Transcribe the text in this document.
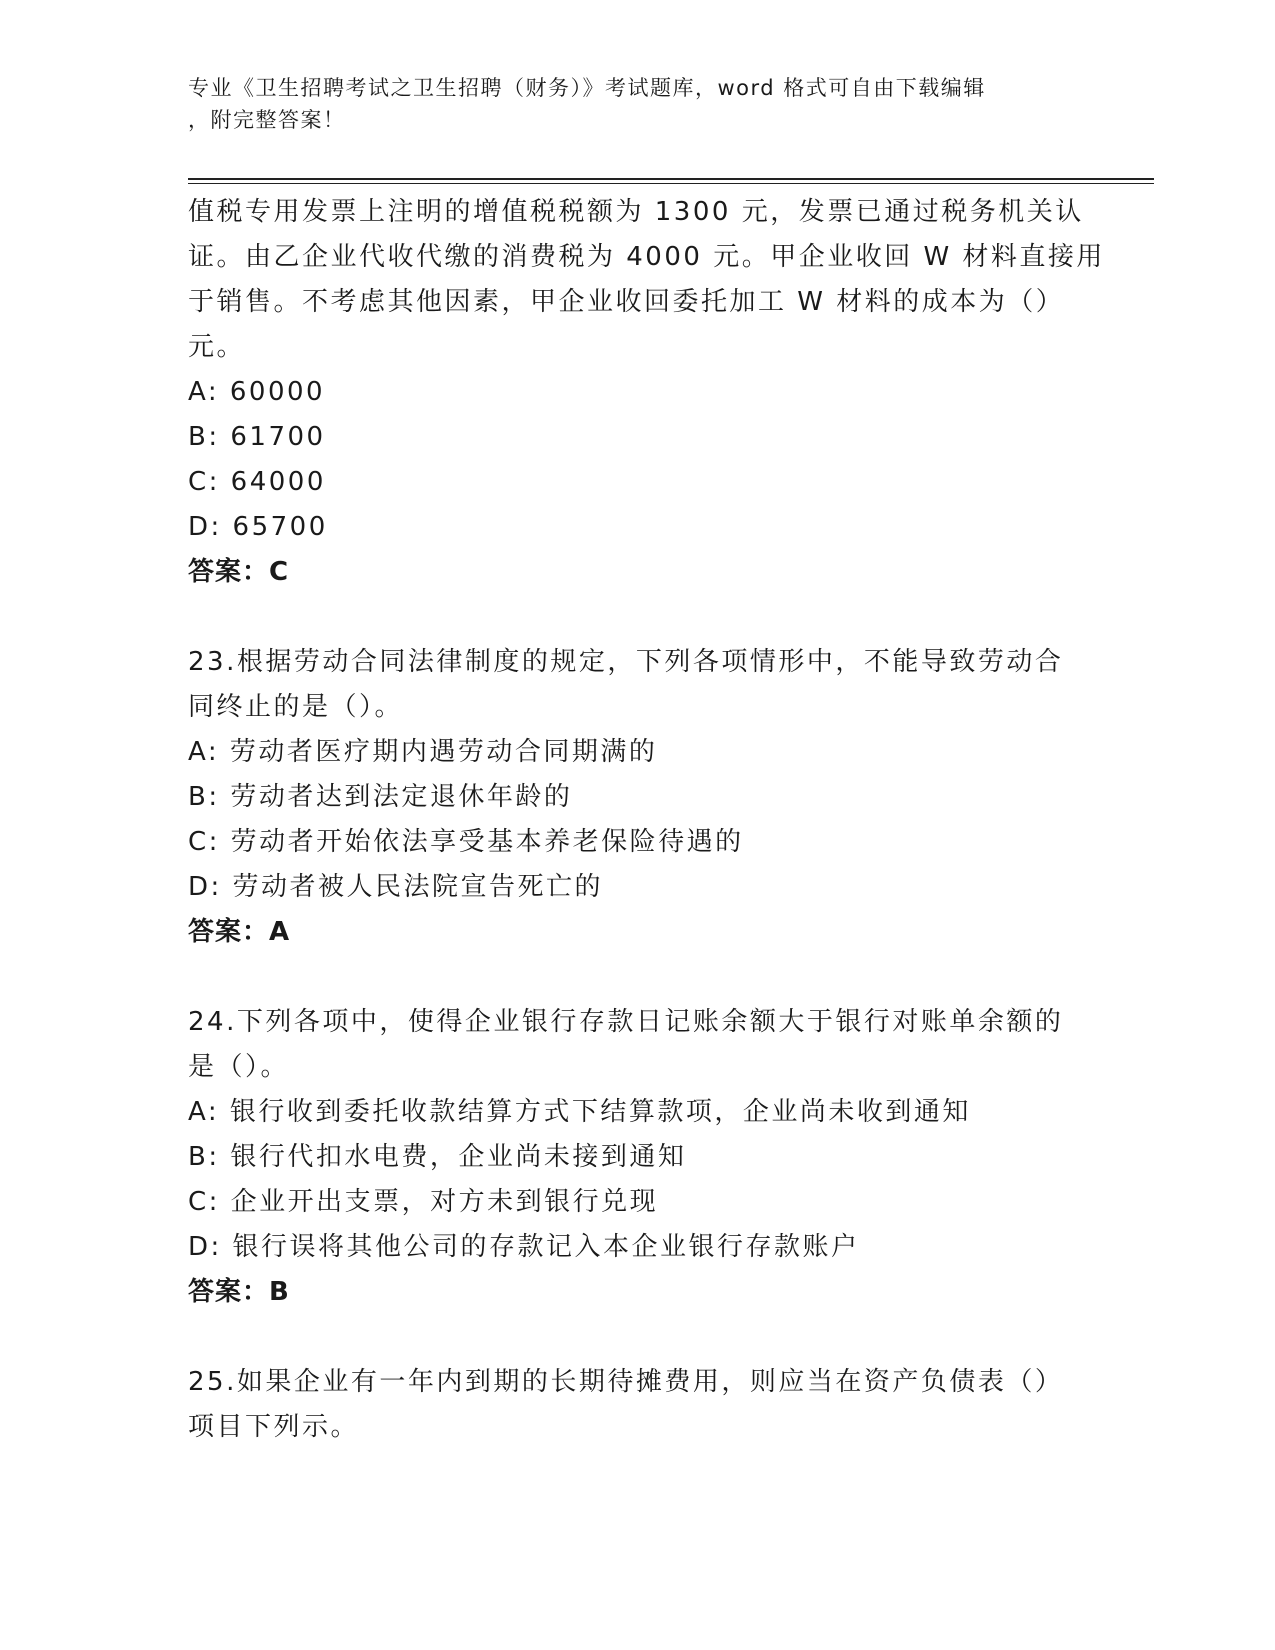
专业《卫生招聘考试之卫生招聘（财务）》考试题库，word 格式可自由下载编辑
，附完整答案！
值税专用发票上注明的增值税税额为 1300 元，发票已通过税务机关认
证。由乙企业代收代缴的消费税为 4000 元。甲企业收回 W 材料直接用
于销售。不考虑其他因素，甲企业收回委托加工 W 材料的成本为（）
元。
A: 60000
B: 61700
C: 64000
D: 65700
答案：C
23.根据劳动合同法律制度的规定，下列各项情形中，不能导致劳动合
同终止的是（）。
A: 劳动者医疗期内遇劳动合同期满的
B: 劳动者达到法定退休年龄的
C: 劳动者开始依法享受基本养老保险待遇的
D: 劳动者被人民法院宣告死亡的
答案：A
24.下列各项中，使得企业银行存款日记账余额大于银行对账单余额的
是（）。
A: 银行收到委托收款结算方式下结算款项，企业尚未收到通知
B: 银行代扣水电费，企业尚未接到通知
C: 企业开出支票，对方未到银行兑现
D: 银行误将其他公司的存款记入本企业银行存款账户
答案：B
25.如果企业有一年内到期的长期待摊费用，则应当在资产负债表（）
项目下列示。
